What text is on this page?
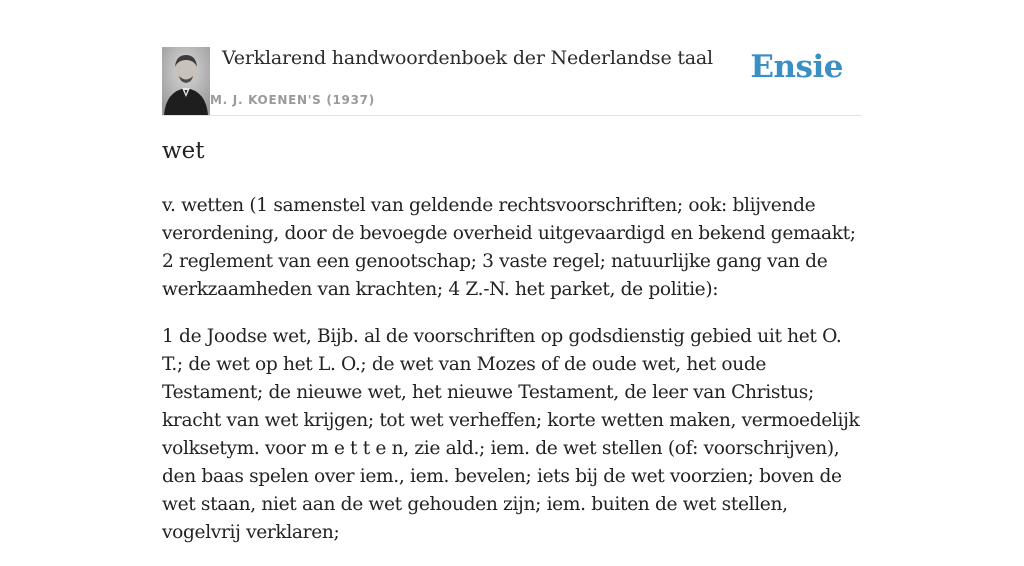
Verklarend handwoordenboek der Nederlandse taal
M. J. KOENEN'S (1937)
Ensie
wet

v. wetten (1 samenstel van geldende rechtsvoorschriften; ook: blijvende verordening, door de bevoegde overheid uitgevaardigd en bekend gemaakt; 2 reglement van een genootschap; 3 vaste regel; natuurlijke gang van de werkzaamheden van krachten; 4 Z.-N. het parket, de politie):

1 de Joodse wet, Bijb. al de voorschriften op godsdienstig gebied uit het O. T.; de wet op het L. O.; de wet van Mozes of de oude wet, het oude Testament; de nieuwe wet, het nieuwe Testament, de leer van Christus; kracht van wet krijgen; tot wet verheffen; korte wetten maken, vermoedelijk volksetym. voor m e t t e n, zie ald.; iem. de wet stellen (of: voorschrijven), den baas spelen over iem., iem. bevelen; iets bij de wet voorzien; boven de wet staan, niet aan de wet gehouden zijn; iem. buiten de wet stellen, vogelvrij verklaren;
